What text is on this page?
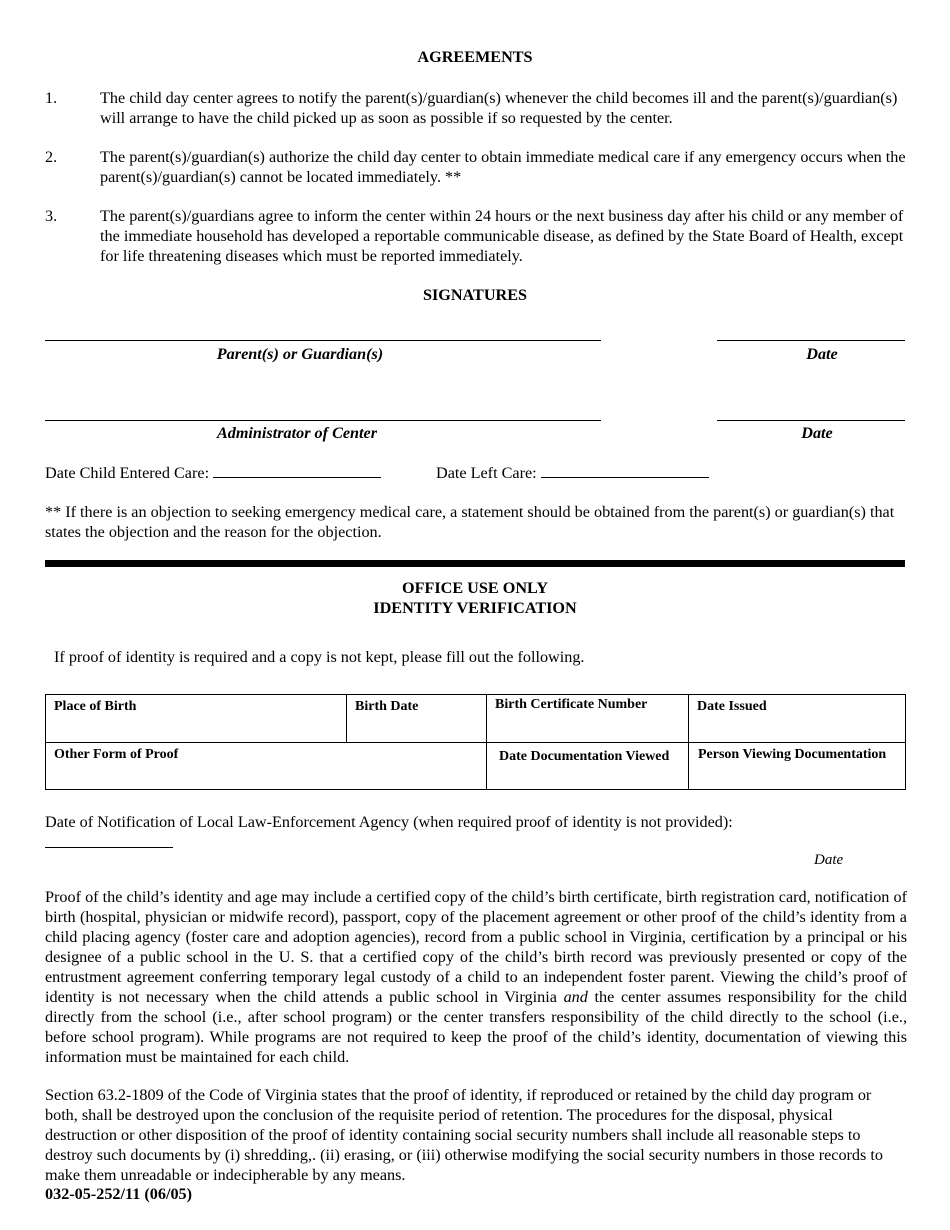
AGREEMENTS
1.	The child day center agrees to notify the parent(s)/guardian(s) whenever the child becomes ill and the parent(s)/guardian(s) will arrange to have the child picked up as soon as possible if so requested by the center.
2.	The parent(s)/guardian(s) authorize the child day center to obtain immediate medical care if any emergency occurs when the parent(s)/guardian(s) cannot be located immediately. **
3.	The parent(s)/guardians agree to inform the center within 24 hours or the next business day after his child or any member of the immediate household has developed a reportable communicable disease, as defined by the State Board of Health, except for life threatening diseases which must be reported immediately.
SIGNATURES
Parent(s) or Guardian(s)	Date
Administrator of Center	Date
Date Child Entered Care:	Date Left Care:
** If there is an objection to seeking emergency medical care, a statement should be obtained from the parent(s) or guardian(s) that states the objection and the reason for the objection.
OFFICE USE ONLY
IDENTITY VERIFICATION
If proof of identity is required and a copy is not kept, please fill out the following.
Place of Birth	Birth Date	Birth Certificate Number	Date Issued
Other Form of Proof		Date Documentation Viewed	Person Viewing Documentation
Date of Notification of Local Law-Enforcement Agency (when required proof of identity is not provided):
Date
Proof of the child’s identity and age may include a certified copy of the child’s birth certificate, birth registration card, notification of birth (hospital, physician or midwife record), passport, copy of the placement agreement or other proof of the child’s identity from a child placing agency (foster care and adoption agencies), record from a public school in Virginia, certification by a principal or his designee of a public school in the U. S. that a certified copy of the child’s birth record was previously presented or copy of the entrustment agreement conferring temporary legal custody of a child to an independent foster parent. Viewing the child’s proof of identity is not necessary when the child attends a public school in Virginia and the center assumes responsibility for the child directly from the school (i.e., after school program) or the center transfers responsibility of the child directly to the school (i.e., before school program). While programs are not required to keep the proof of the child’s identity, documentation of viewing this information must be maintained for each child.
Section 63.2-1809 of the Code of Virginia states that the proof of identity, if reproduced or retained by the child day program or both, shall be destroyed upon the conclusion of the requisite period of retention. The procedures for the disposal, physical destruction or other disposition of the proof of identity containing social security numbers shall include all reasonable steps to destroy such documents by (i) shredding,. (ii) erasing, or (iii) otherwise modifying the social security numbers in those records to make them unreadable or indecipherable by any means.
032-05-252/11 (06/05)
